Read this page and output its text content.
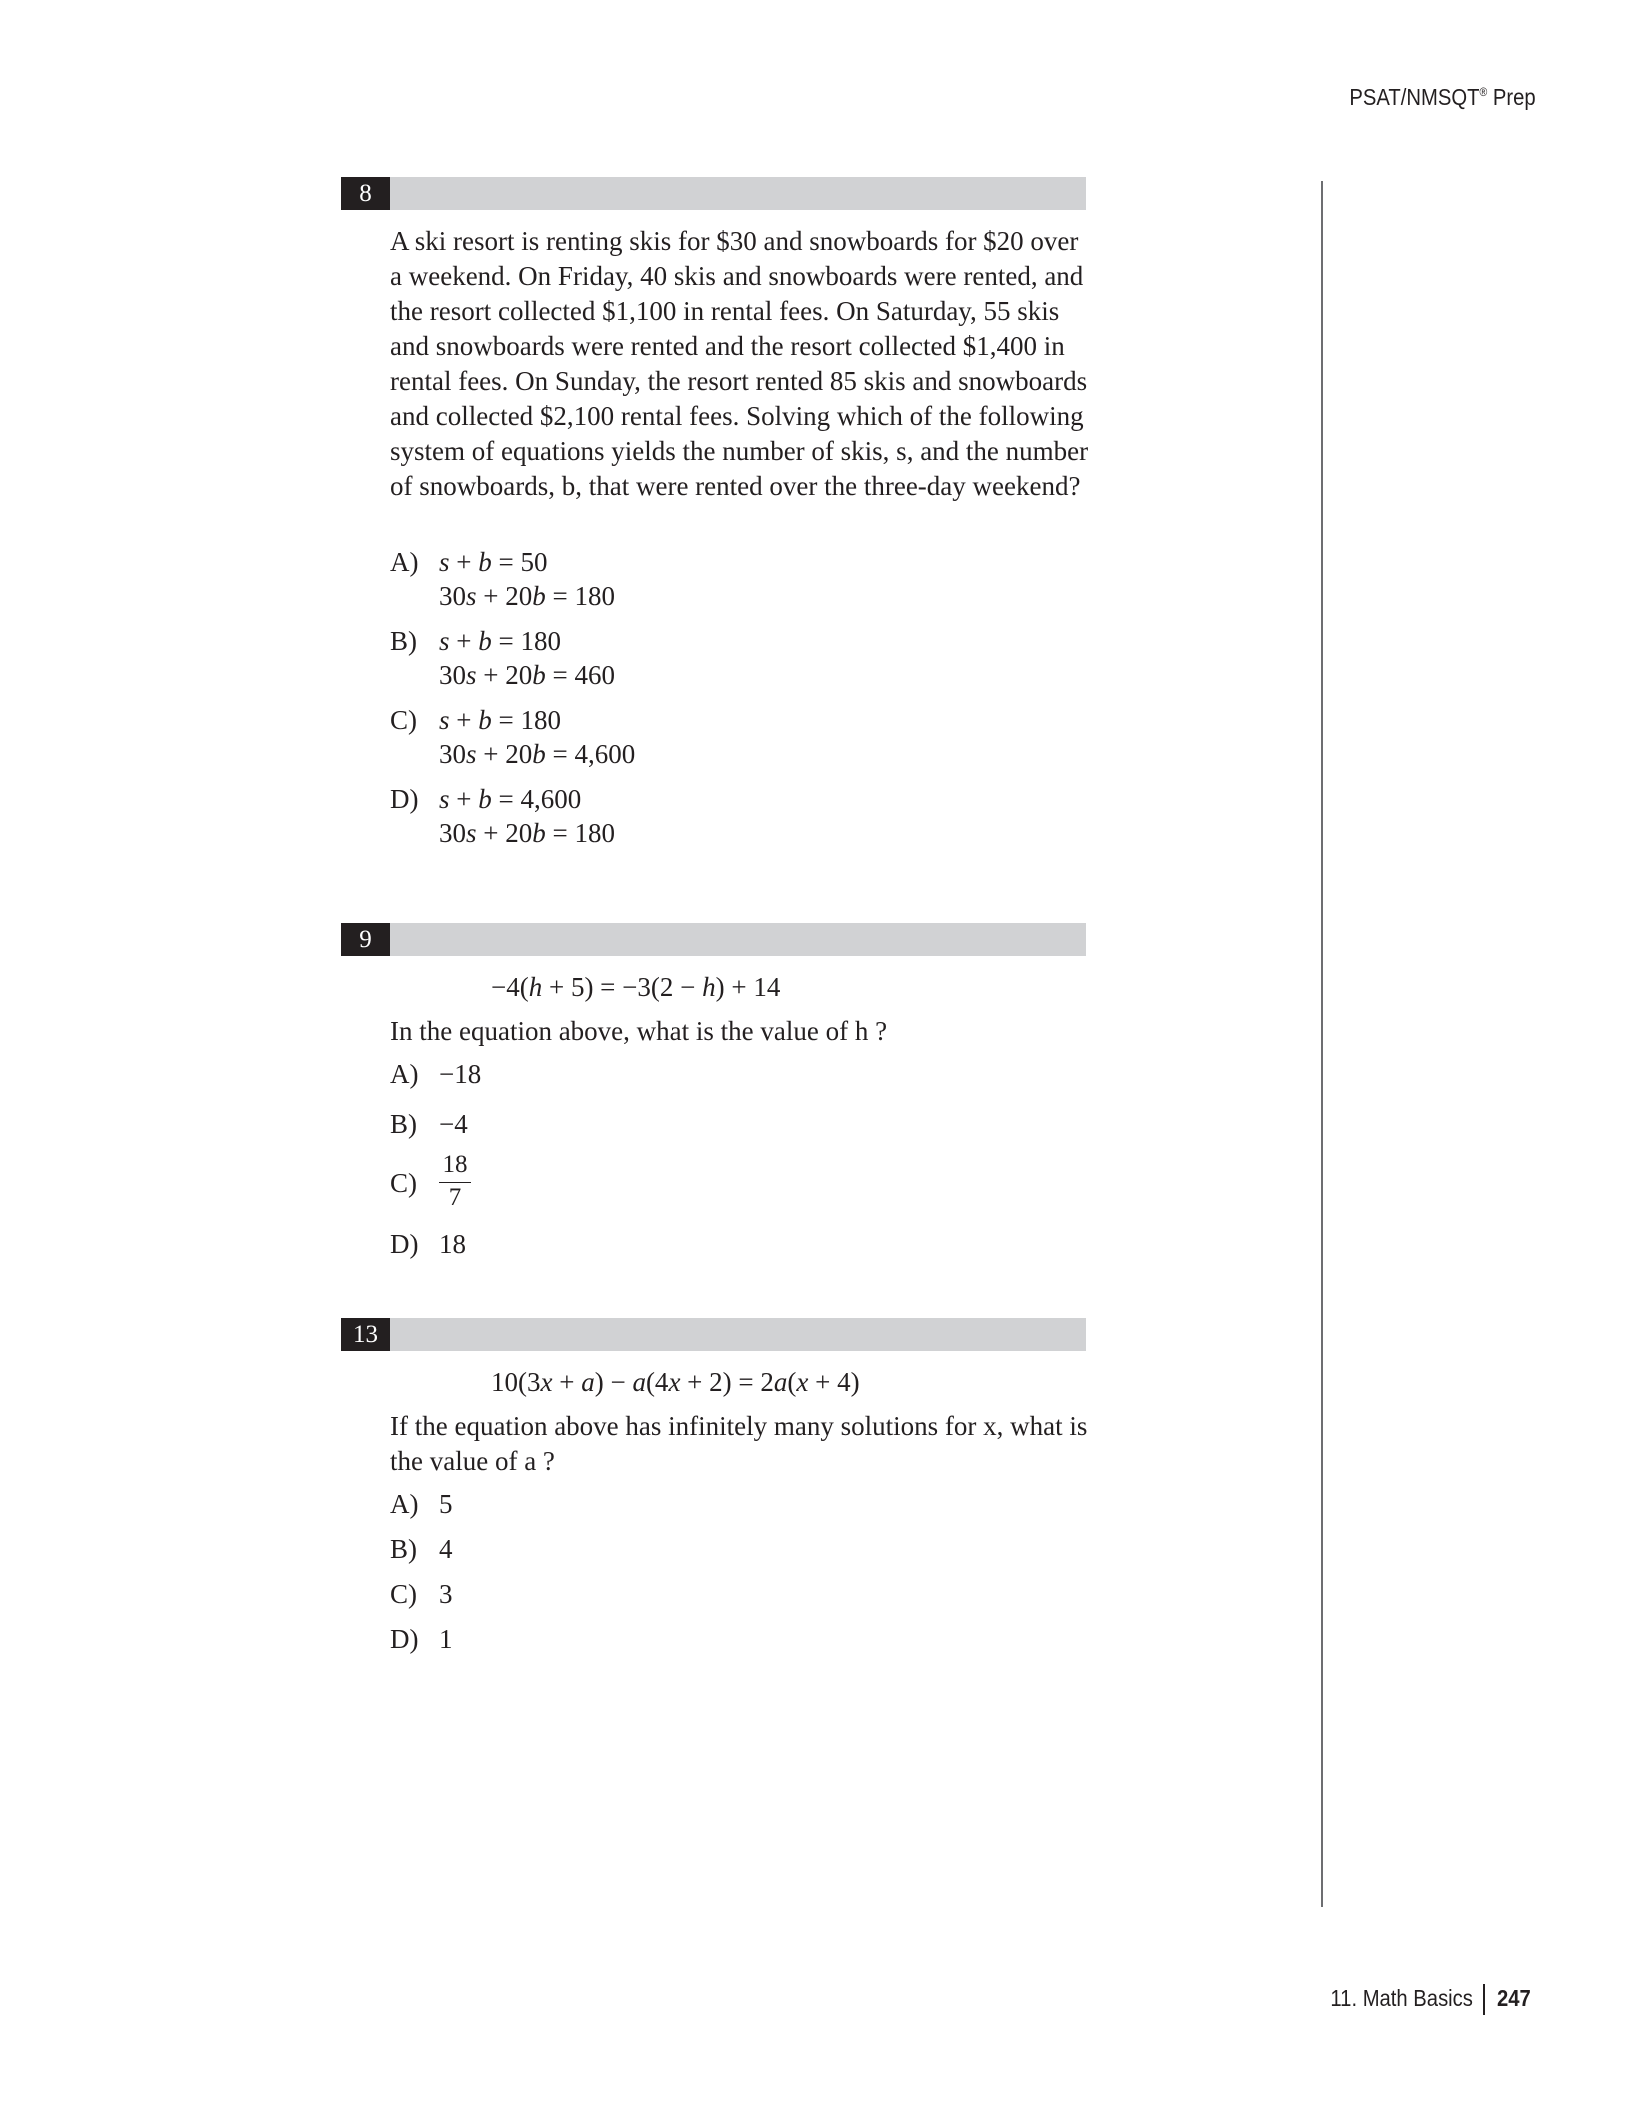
PSAT/NMSQT® Prep
8

A ski resort is renting skis for $30 and snowboards for $20 over a weekend. On Friday, 40 skis and snowboards were rented, and the resort collected $1,100 in rental fees. On Saturday, 55 skis and snowboards were rented and the resort collected $1,400 in rental fees. On Sunday, the resort rented 85 skis and snowboards and collected $2,100 rental fees. Solving which of the following system of equations yields the number of skis, s, and the number of snowboards, b, that were rented over the three-day weekend?

A) s + b = 50
30s + 20b = 180
B) s + b = 180
30s + 20b = 460
C) s + b = 180
30s + 20b = 4,600
D) s + b = 4,600
30s + 20b = 180
9
−4(h + 5) = −3(2 − h) + 14

In the equation above, what is the value of h ?

A) −18
B) −4
$C) \frac{18}{7}$
D) 18
13
10(3x + a) − a(4x + 2) = 2a(x + 4)

If the equation above has infinitely many solutions for x, what is the value of a ?

A) 5
B) 4
C) 3
D) 1
11. Math Basics 247
